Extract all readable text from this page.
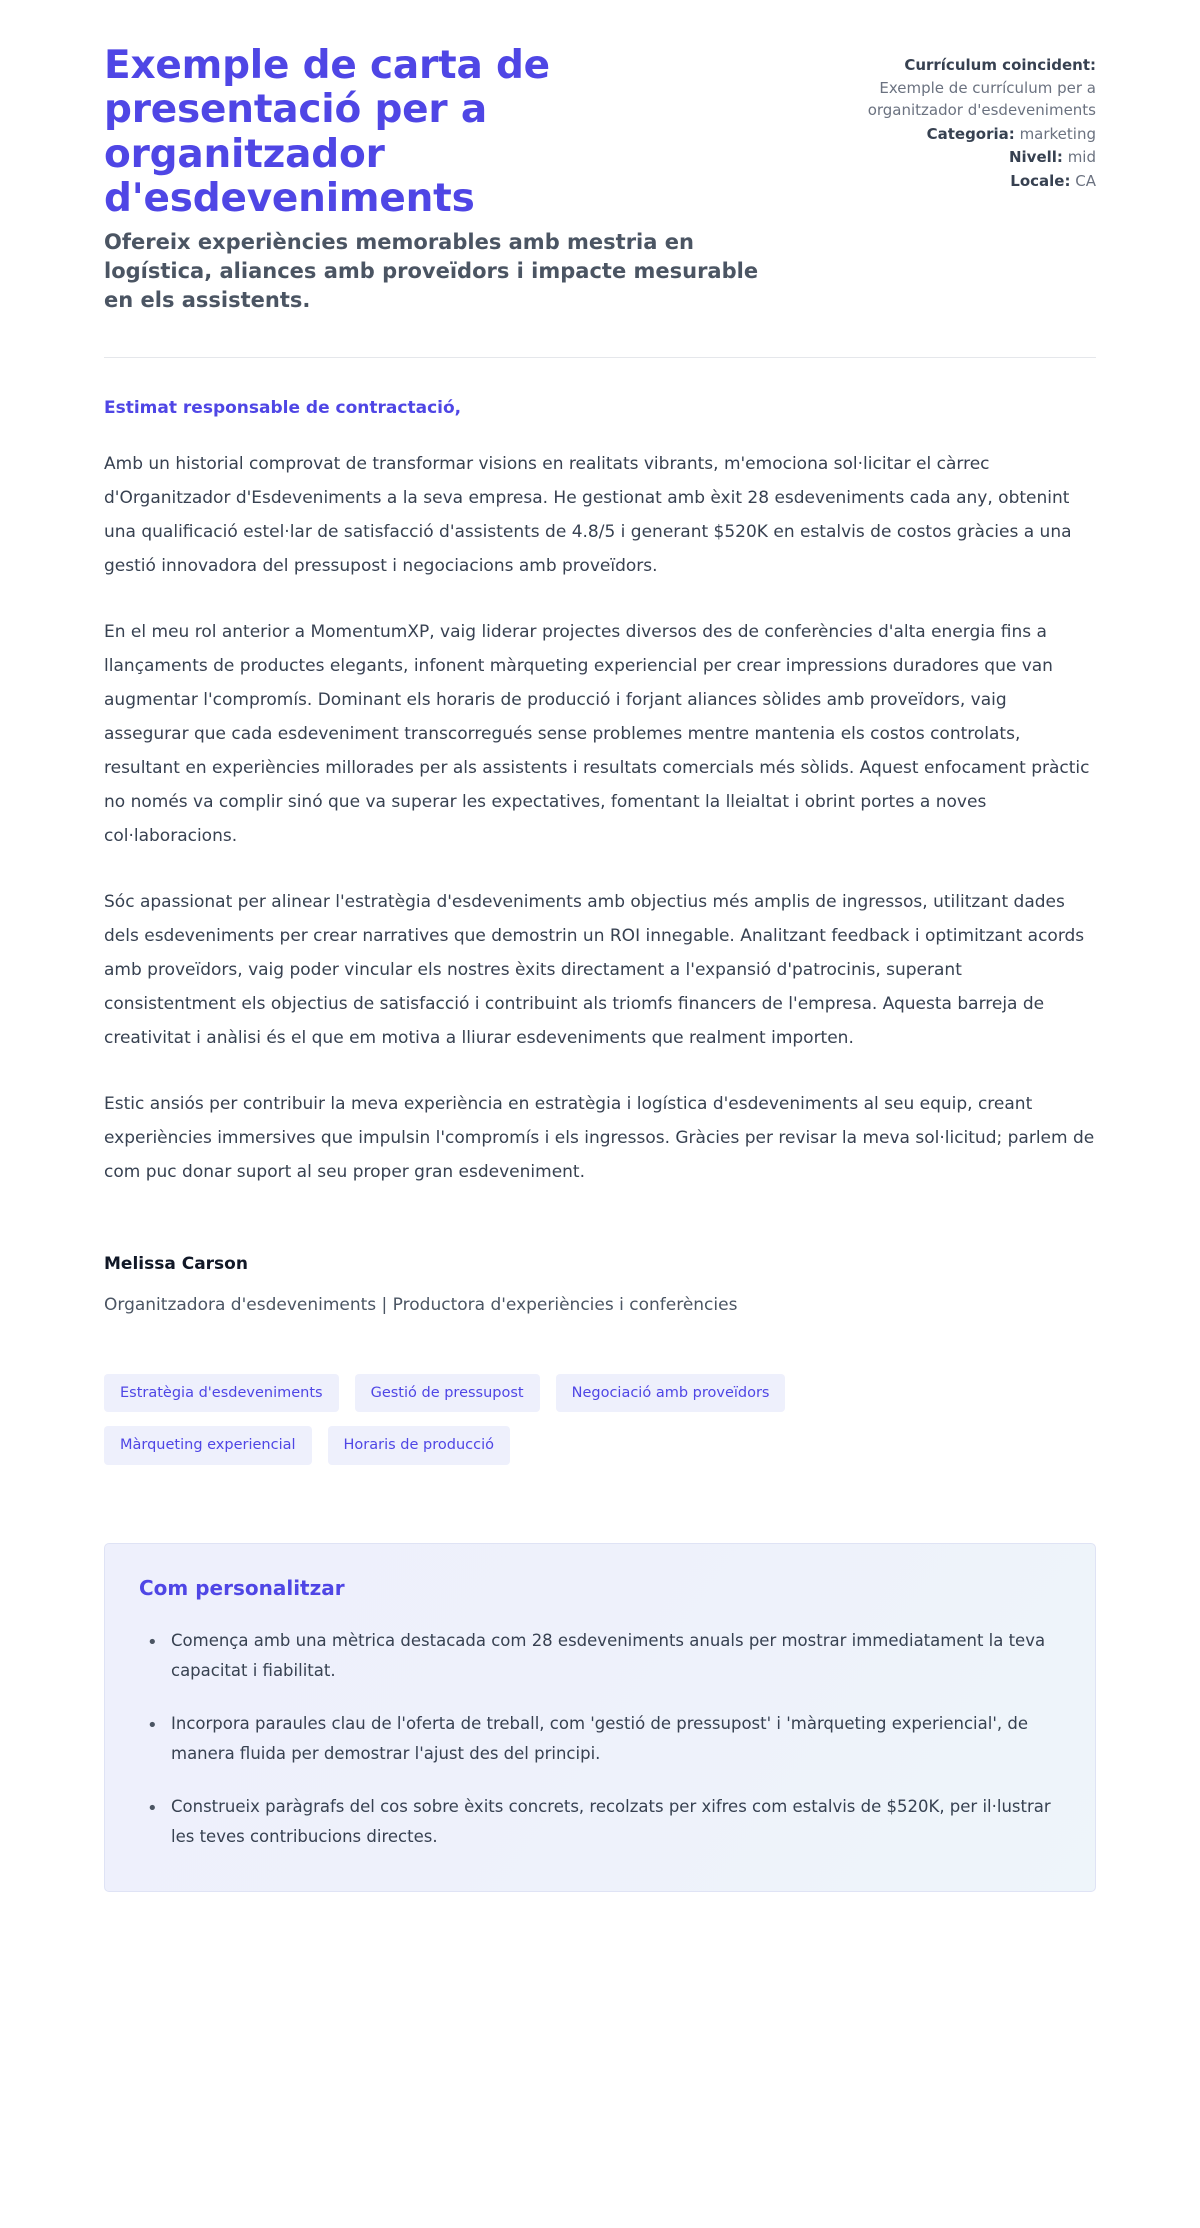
Exemple de carta de presentació per a organitzador d'esdeveniments

Ofereix experiències memorables amb mestria en logística, aliances amb proveïdors i impacte mesurable en els assistents.

Currículum coincident:
Exemple de currículum per a organitzador d'esdeveniments
Categoria: marketing
Nivell: mid
Locale: CA

Estimat responsable de contractació,

Amb un historial comprovat de transformar visions en realitats vibrants, m'emociona sol·licitar el càrrec d'Organitzador d'Esdeveniments a la seva empresa. He gestionat amb èxit 28 esdeveniments cada any, obtenint una qualificació estel·lar de satisfacció d'assistents de 4.8/5 i generant $520K en estalvis de costos gràcies a una gestió innovadora del pressupost i negociacions amb proveïdors.

En el meu rol anterior a MomentumXP, vaig liderar projectes diversos des de conferències d'alta energia fins a llançaments de productes elegants, infonent màrqueting experiencial per crear impressions duradores que van augmentar l'compromís. Dominant els horaris de producció i forjant aliances sòlides amb proveïdors, vaig assegurar que cada esdeveniment transcorregués sense problemes mentre mantenia els costos controlats, resultant en experiències millorades per als assistents i resultats comercials més sòlids. Aquest enfocament pràctic no només va complir sinó que va superar les expectatives, fomentant la lleialtat i obrint portes a noves col·laboracions.

Sóc apassionat per alinear l'estratègia d'esdeveniments amb objectius més amplis de ingressos, utilitzant dades dels esdeveniments per crear narratives que demostrin un ROI innegable. Analitzant feedback i optimitzant acords amb proveïdors, vaig poder vincular els nostres èxits directament a l'expansió d'patrocinis, superant consistentment els objectius de satisfacció i contribuint als triomfs financers de l'empresa. Aquesta barreja de creativitat i anàlisi és el que em motiva a lliurar esdeveniments que realment importen.

Estic ansiós per contribuir la meva experiència en estratègia i logística d'esdeveniments al seu equip, creant experiències immersives que impulsin l'compromís i els ingressos. Gràcies per revisar la meva sol·licitud; parlem de com puc donar suport al seu proper gran esdeveniment.

Melissa Carson

Organitzadora d'esdeveniments | Productora d'experiències i conferències

Estratègia d'esdeveniments	Gestió de pressupost	Negociació amb proveïdors
Màrqueting experiencial	Horaris de producció
Com personalitzar
• Comença amb una mètrica destacada com 28 esdeveniments anuals per mostrar immediatament la teva capacitat i fiabilitat.
• Incorpora paraules clau de l'oferta de treball, com 'gestió de pressupost' i 'màrqueting experiencial', de manera fluida per demostrar l'ajust des del principi.
• Construeix paràgrafs del cos sobre èxits concrets, recolzats per xifres com estalvis de $520K, per il·lustrar les teves contribucions directes.
